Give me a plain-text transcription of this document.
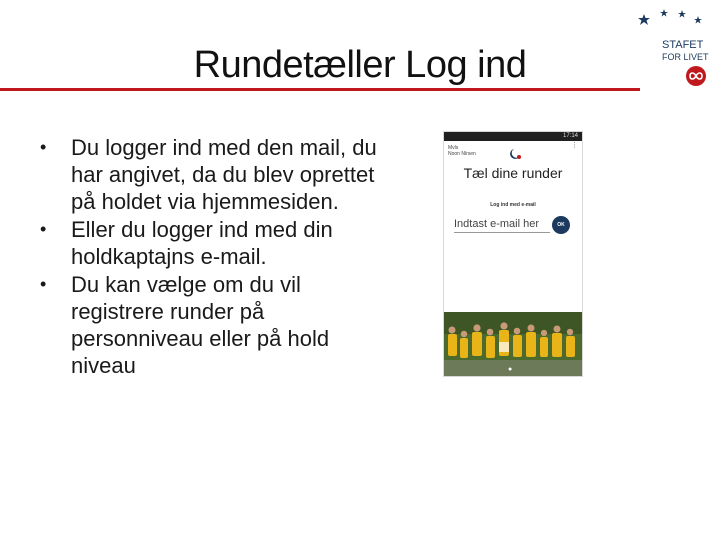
Rundetæller Log ind	STAFET
FOR LIVET
• Du logger ind med den mail, du har angivet, da du blev oprettet på holdet via hjemmesiden.
• Eller du logger ind med din holdkaptajns e-mail.
• Du kan vælge om du vil registrere runder på personniveau eller på hold niveau
17:14
Mvls
Noon Nlrsen
⋮
Tæl dine runder
Log ind med e-mail
Indtast e-mail her
OK
●
